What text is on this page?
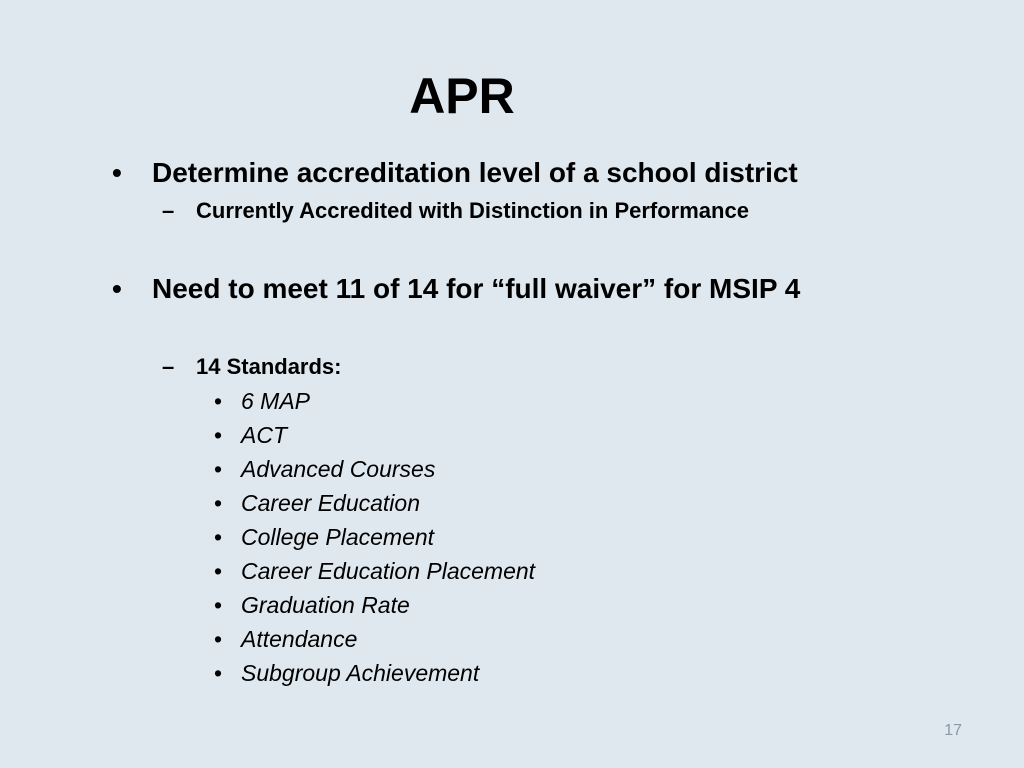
APR
•	Determine accreditation level of a school district
– Currently Accredited with Distinction in Performance
•	Need to meet 11 of 14 for “full waiver” for MSIP 4
– 14 Standards:
• 6 MAP
• ACT
• Advanced Courses
• Career Education
• College Placement
• Career Education Placement
• Graduation Rate
• Attendance
• Subgroup Achievement
17
